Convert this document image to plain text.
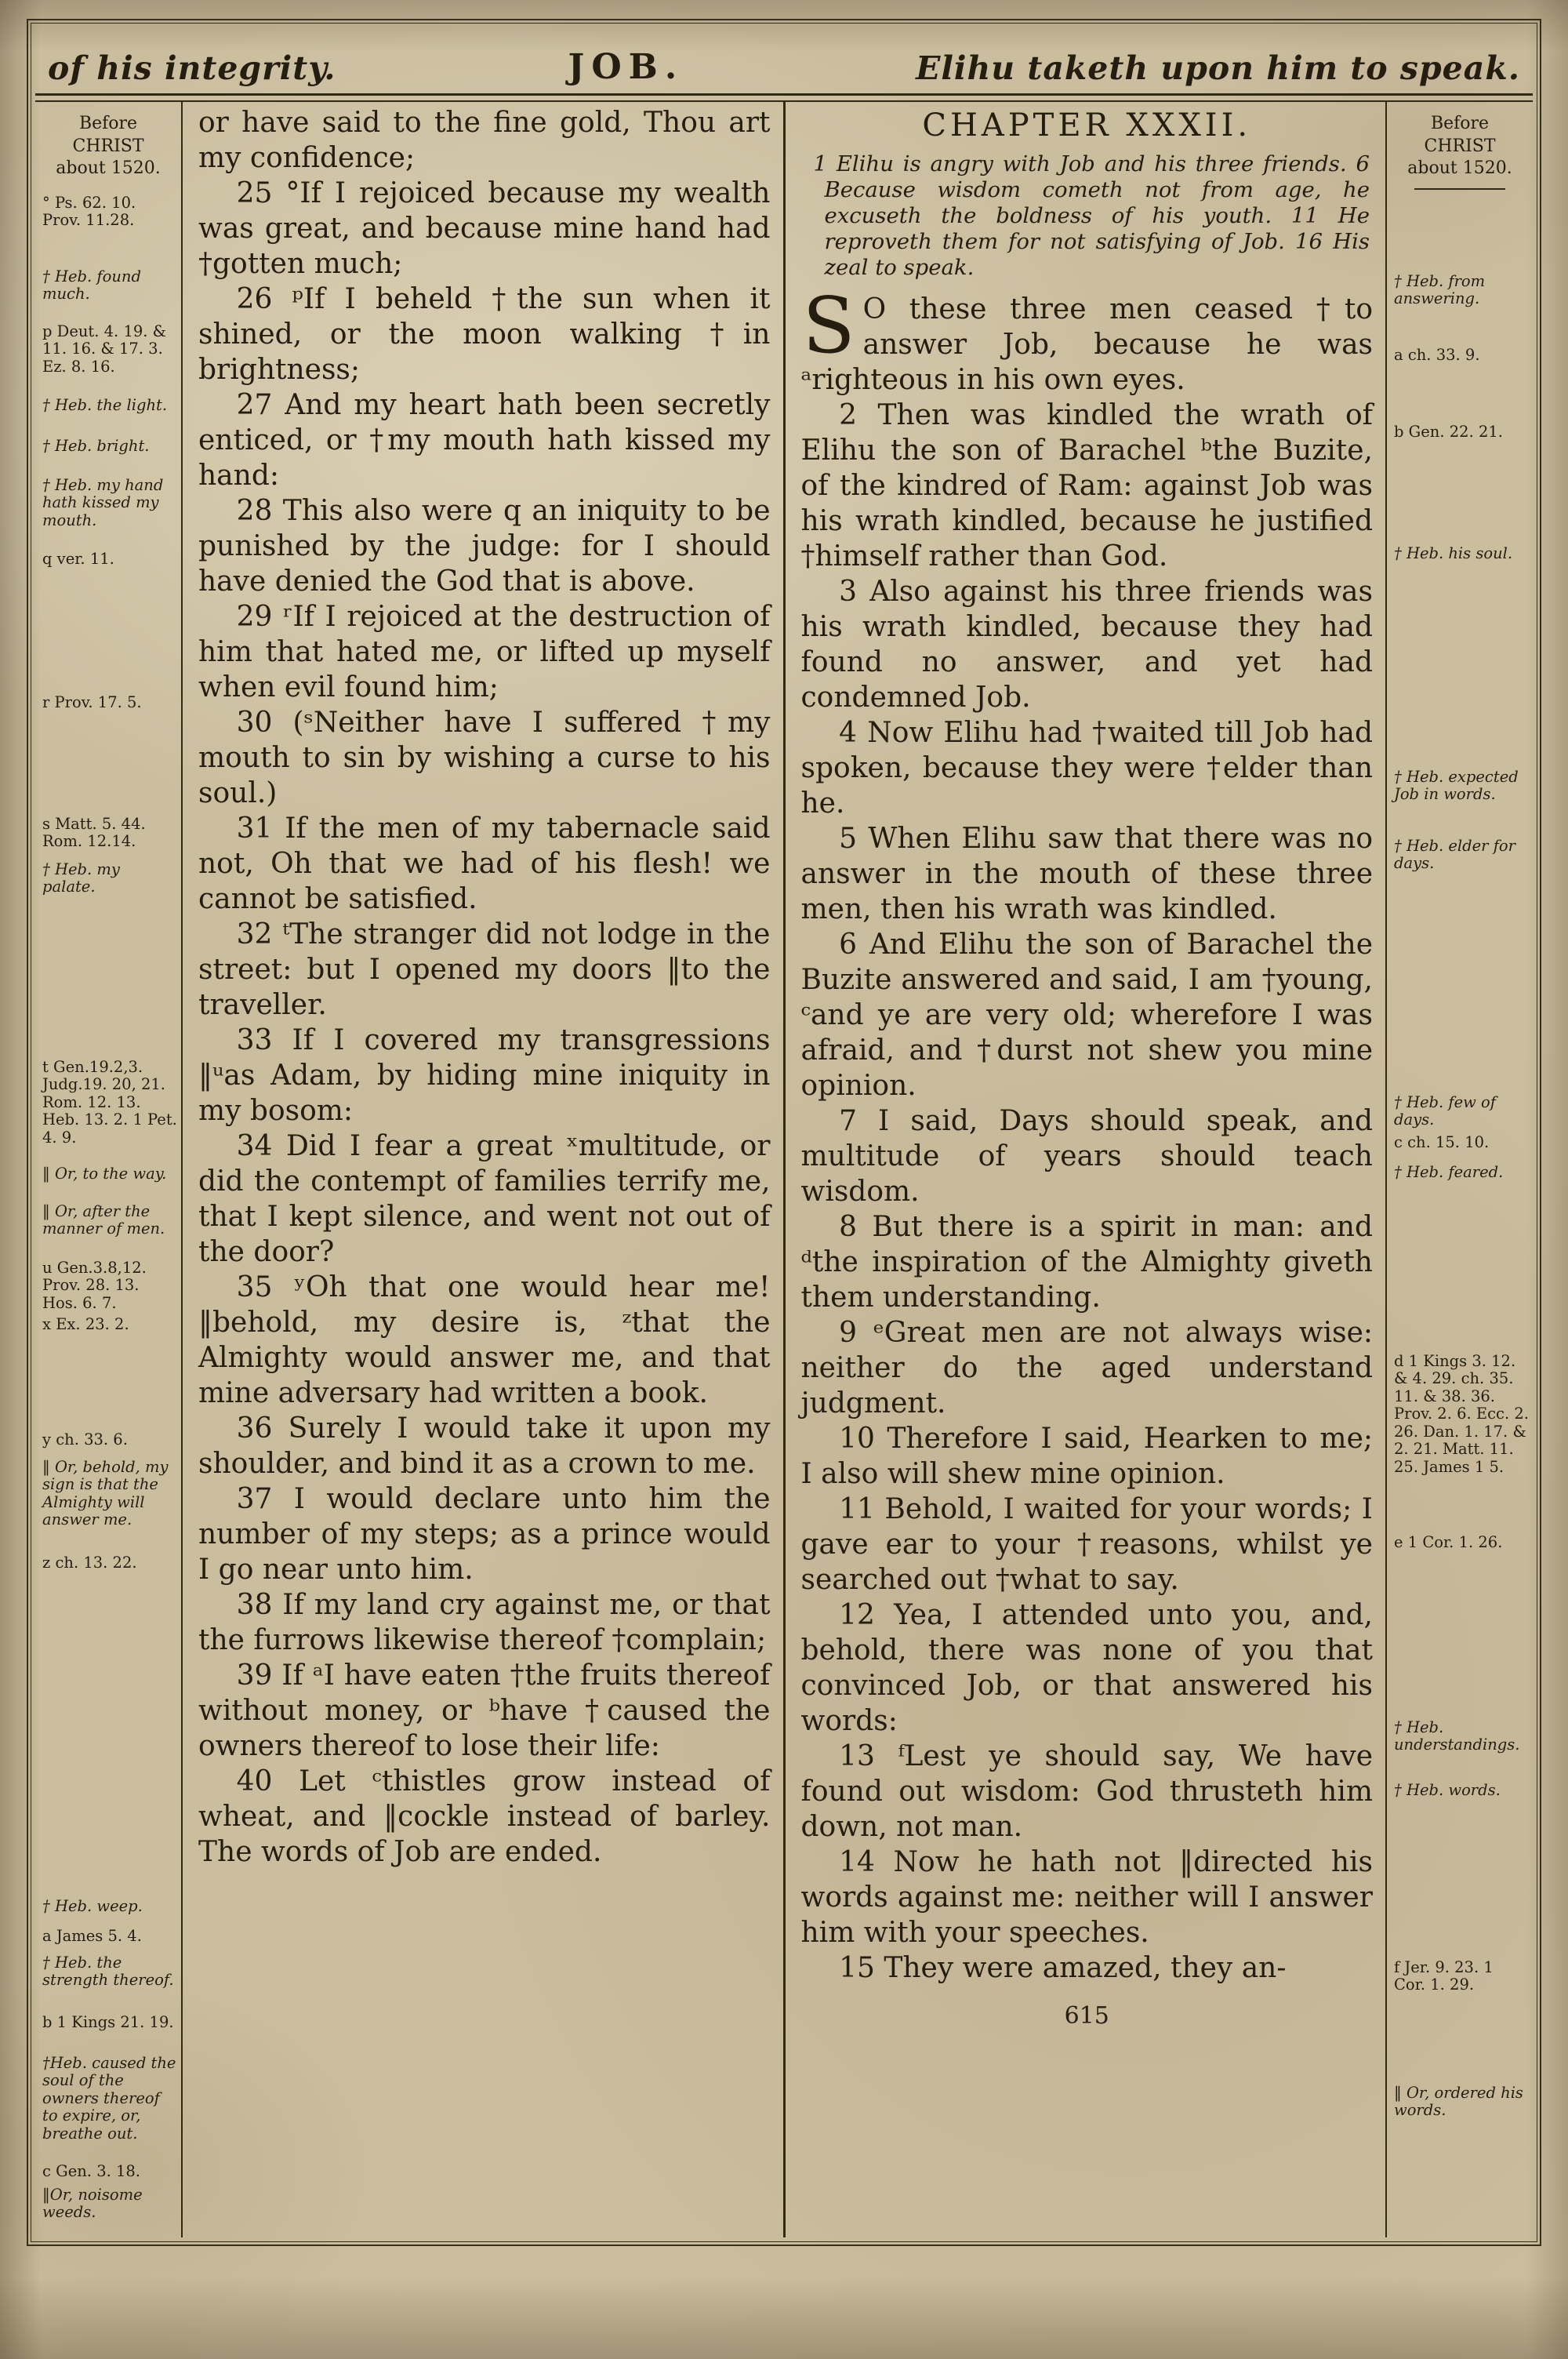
of his integrity.	JOB.	Elihu taketh upon him to speak.
Before
CHRIST
about 1520.
° Ps. 62. 10. Prov. 11.28.
† Heb. found much.
p Deut. 4. 19. & 11. 16. & 17. 3. Ez. 8. 16.
† Heb. the light.
† Heb. bright.
† Heb. my hand hath kissed my mouth.
q ver. 11.
r Prov. 17. 5.
s Matt. 5. 44. Rom. 12.14.
† Heb. my palate.
t Gen.19.2,3. Judg.19. 20, 21. Rom. 12. 13. Heb. 13. 2. 1 Pet. 4. 9.
‖ Or, to the way.
‖ Or, after the manner of men.
u Gen.3.8,12. Prov. 28. 13. Hos. 6. 7.
x Ex. 23. 2.
y ch. 33. 6.
‖ Or, behold, my sign is that the Almighty will answer me.
z ch. 13. 22.
† Heb. weep.
a James 5. 4.
† Heb. the strength thereof.
b 1 Kings 21. 19.
†Heb. caused the soul of the owners thereof to expire, or, breathe out.
c Gen. 3. 18.
‖Or, noisome weeds.

or have said to the fine gold, Thou art my confidence;

25 °If I rejoiced because my wealth was great, and because mine hand had †gotten much;

26 ᵖIf I beheld †the sun when it shined, or the moon walking †in brightness;

27 And my heart hath been secretly enticed, or †my mouth hath kissed my hand:

28 This also were q an iniquity to be punished by the judge: for I should have denied the God that is above.

29 ʳIf I rejoiced at the destruction of him that hated me, or lifted up myself when evil found him;

30 (ˢNeither have I suffered †my mouth to sin by wishing a curse to his soul.)

31 If the men of my tabernacle said not, Oh that we had of his flesh! we cannot be satisfied.

32 ᵗThe stranger did not lodge in the street: but I opened my doors ‖to the traveller.

33 If I covered my transgressions ‖ᵘas Adam, by hiding mine iniquity in my bosom:

34 Did I fear a great ˣmultitude, or did the contempt of families terrify me, that I kept silence, and went not out of the door?

35 ʸOh that one would hear me! ‖behold, my desire is, ᶻthat the Almighty would answer me, and that mine adversary had written a book.

36 Surely I would take it upon my shoulder, and bind it as a crown to me.

37 I would declare unto him the number of my steps; as a prince would I go near unto him.

38 If my land cry against me, or that the furrows likewise thereof †complain;

39 If ᵃI have eaten †the fruits thereof without money, or ᵇhave †caused the owners thereof to lose their life:

40 Let ᶜthistles grow instead of wheat, and ‖cockle instead of barley. The words of Job are ended.

CHAPTER XXXII.

1 Elihu is angry with Job and his three friends. 6 Because wisdom cometh not from age, he excuseth the boldness of his youth. 11 He reproveth them for not satisfying of Job. 16 His zeal to speak.

S O these three men ceased †to answer Job, because he was ᵃrighteous in his own eyes.

2 Then was kindled the wrath of Elihu the son of Barachel ᵇthe Buzite, of the kindred of Ram: against Job was his wrath kindled, because he justified †himself rather than God.

3 Also against his three friends was his wrath kindled, because they had found no answer, and yet had condemned Job.

4 Now Elihu had †waited till Job had spoken, because they were †elder than he.

5 When Elihu saw that there was no answer in the mouth of these three men, then his wrath was kindled.

6 And Elihu the son of Barachel the Buzite answered and said, I am †young, ᶜand ye are very old; wherefore I was afraid, and †durst not shew you mine opinion.

7 I said, Days should speak, and multitude of years should teach wisdom.

8 But there is a spirit in man: and ᵈthe inspiration of the Almighty giveth them understanding.

9 ᵉGreat men are not always wise: neither do the aged understand judgment.

10 Therefore I said, Hearken to me; I also will shew mine opinion.

11 Behold, I waited for your words; I gave ear to your †reasons, whilst ye searched out †what to say.

12 Yea, I attended unto you, and, behold, there was none of you that convinced Job, or that answered his words:

13 ᶠLest ye should say, We have found out wisdom: God thrusteth him down, not man.

14 Now he hath not ‖directed his words against me: neither will I answer him with your speeches.

15 They were amazed, they an-

615
Before
CHRIST
about 1520.
† Heb. from answering.
a ch. 33. 9.
b Gen. 22. 21.
† Heb. his soul.
† Heb. expected Job in words.
† Heb. elder for days.
† Heb. few of days.
c ch. 15. 10.
† Heb. feared.
d 1 Kings 3. 12. & 4. 29. ch. 35. 11. & 38. 36. Prov. 2. 6. Ecc. 2. 26. Dan. 1. 17. & 2. 21. Matt. 11. 25. James 1 5.
e 1 Cor. 1. 26.
† Heb. understandings.
† Heb. words.
f Jer. 9. 23. 1 Cor. 1. 29.
‖ Or, ordered his words.
